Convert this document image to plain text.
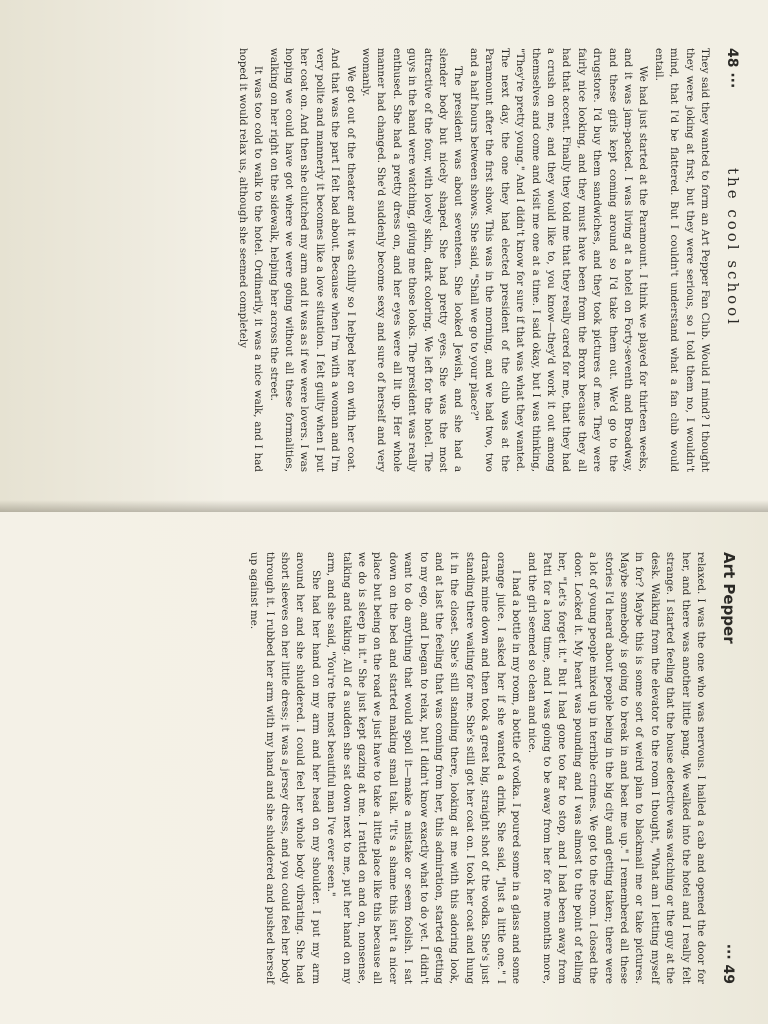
48 ···
the cool school

They said they wanted to form an Art Pepper Fan Club. Would I mind? I thought they were joking at first, but they were serious, so I told them no, I wouldn't mind, that I'd be flattered. But I couldn't understand what a fan club would entail.

We had just started at the Paramount. I think we played for thirteen weeks, and it was jam-packed. I was living at a hotel on Forty-seventh and Broadway, and these girls kept coming around so I'd take them out. We'd go to the drugstore. I'd buy them sandwiches, and they took pictures of me. They were fairly nice looking, and they must have been from the Bronx because they all had that accent. Finally they told me that they really cared for me, that they had a crush on me, and they would like to, you know—they'd work it out among themselves and come and visit me one at a time. I said okay, but I was thinking, "They're pretty young." And I didn't know for sure if that was what they wanted. The next day, the one they had elected president of the club was at the Paramount after the first show. This was in the morning, and we had two, two and a half hours between shows. She said, "Shall we go to your place?"

The president was about seventeen. She looked Jewish, and she had a slender body but nicely shaped. She had pretty eyes. She was the most attractive of the four, with lovely skin, dark coloring. We left for the hotel. The guys in the band were watching, giving me those looks. The president was really enthused. She had a pretty dress on, and her eyes were all lit up. Her whole manner had changed. She'd suddenly become sexy and sure of herself and very womanly.

We got out of the theater and it was chilly so I helped her on with her coat. And that was the part I felt bad about. Because when I'm with a woman and I'm very polite and mannerly it becomes like a love situation. I felt guilty when I put her coat on. And then she clutched my arm and it was as if we were lovers. I was hoping we could have got where we were going without all these formalities, walking on her right on the sidewalk, helping her across the street.

It was too cold to walk to the hotel. Ordinarily, it was a nice walk, and I had hoped it would relax us, although she seemed completely

Art Pepper
··· 49

relaxed. I was the one who was nervous. I hailed a cab and opened the door for her, and there was another little pang. We walked into the hotel and I really felt strange. I started feeling that the house detective was watching or the guy at the desk. Walking from the elevator to the room I thought, "What am I letting myself in for? Maybe this is some sort of weird plan to blackmail me or take pictures. Maybe somebody is going to break in and beat me up." I remembered all these stories I'd heard about people being in the big city and getting taken; there were a lot of young people mixed up in terrible crimes. We got to the room. I closed the door. Locked it. My heart was pounding and I was almost to the point of telling her, "Let's forget it." But I had gone too far to stop, and I had been away from Patti for a long time, and I was going to be away from her for five months more, and the girl seemed so clean and nice.

I had a bottle in my room, a bottle of vodka. I poured some in a glass and some orange juice. I asked her if she wanted a drink. She said, "Just a little one." I drank mine down and then took a great big, straight shot of the vodka. She's just standing there waiting for me. She's still got her coat on. I took her coat and hung it in the closet. She's still standing there, looking at me with this adoring look, and at last the feeling that was coming from her, this admiration, started getting to my ego, and I began to relax, but I didn't know exactly what to do yet. I didn't want to do anything that would spoil it—make a mistake or seem foolish. I sat down on the bed and started making small talk. "It's a shame this isn't a nicer place but being on the road we just have to take a little place like this because all we do is sleep in it." She just kept gazing at me. I rattled on and on, nonsense, talking and talking. All of a sudden she sat down next to me, put her hand on my arm, and she said, "You're the most beautiful man I've ever seen."

She had her hand on my arm and her head on my shoulder. I put my arm around her and she shuddered. I could feel her whole body vibrating. She had short sleeves on her little dress; it was a jersey dress, and you could feel her body through it. I rubbed her arm with my hand and she shuddered and pushed herself up against me.
